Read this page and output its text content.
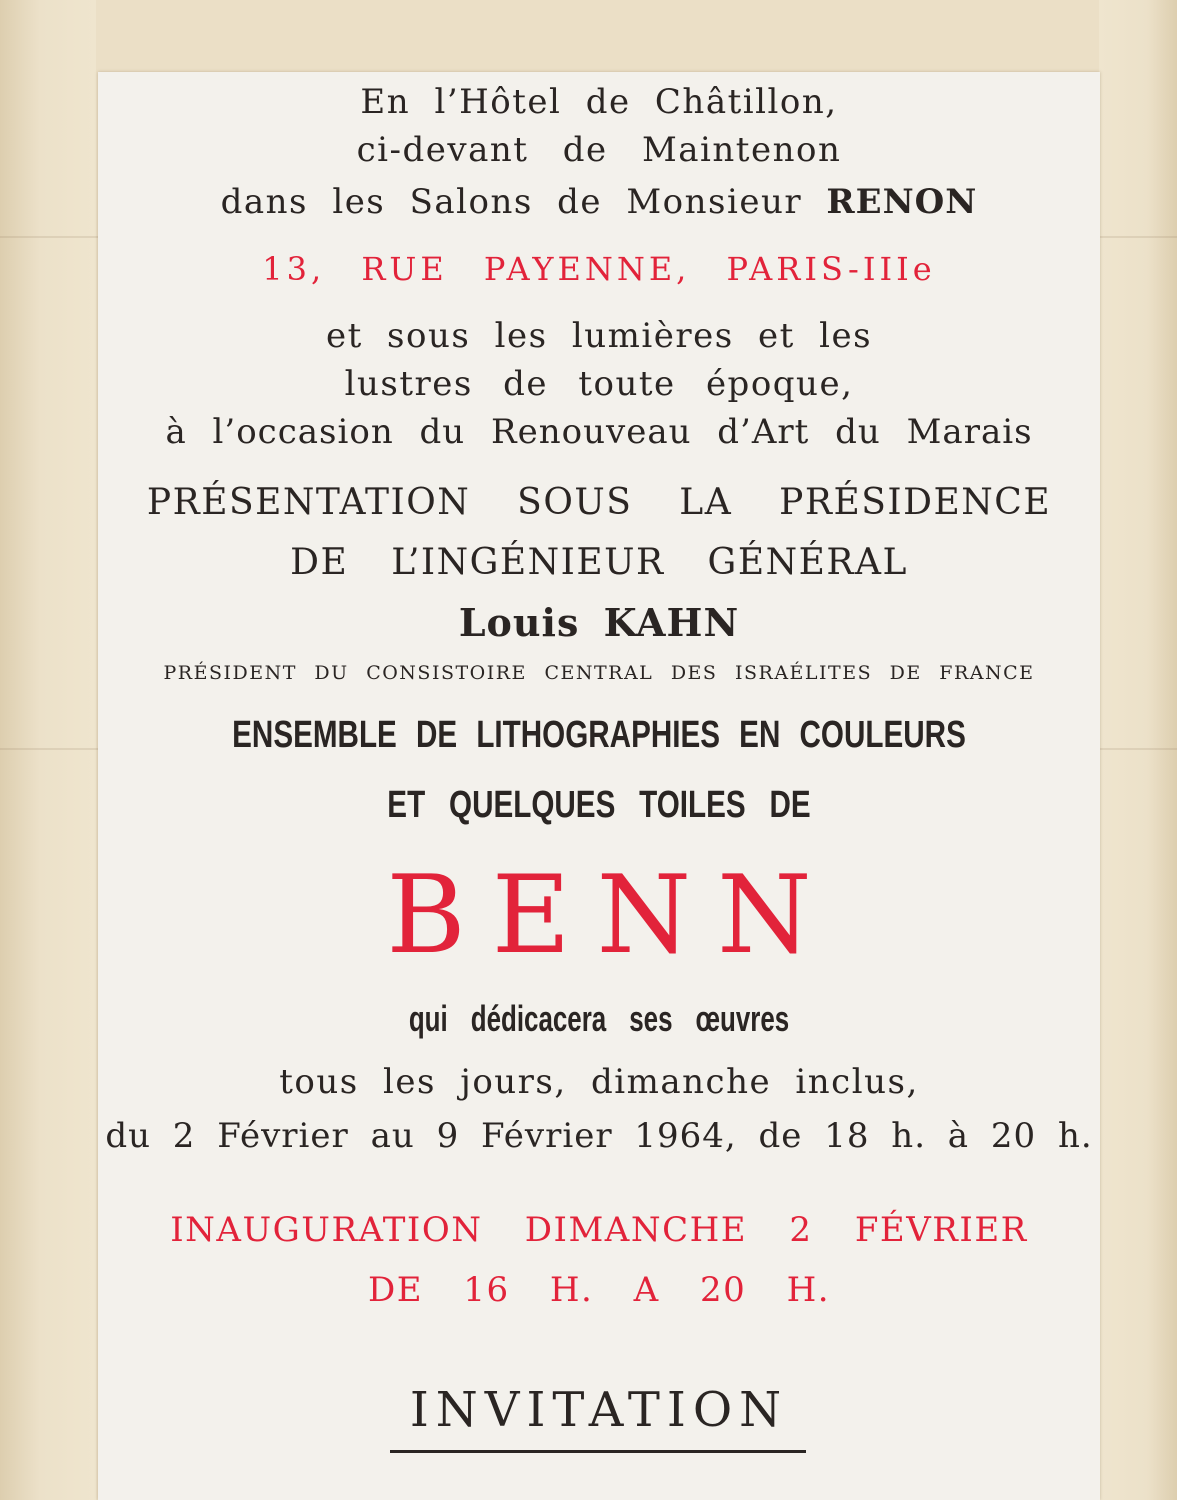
En l’Hôtel de Châtillon,
ci-devant de Maintenon
dans les Salons de Monsieur RENON
13, RUE PAYENNE, PARIS-IIIe
et sous les lumières et les
lustres de toute époque,
à l’occasion du Renouveau d’Art du Marais
PRÉSENTATION SOUS LA PRÉSIDENCE
DE L’INGÉNIEUR GÉNÉRAL
Louis KAHN
PRÉSIDENT DU CONSISTOIRE CENTRAL DES ISRAÉLITES DE FRANCE
ENSEMBLE DE LITHOGRAPHIES EN COULEURS
ET QUELQUES TOILES DE
BENN
qui dédicacera ses œuvres
tous les jours, dimanche inclus,
du 2 Février au 9 Février 1964, de 18 h. à 20 h.
INAUGURATION DIMANCHE 2 FÉVRIER
DE 16 H. A 20 H.
INVITATION
